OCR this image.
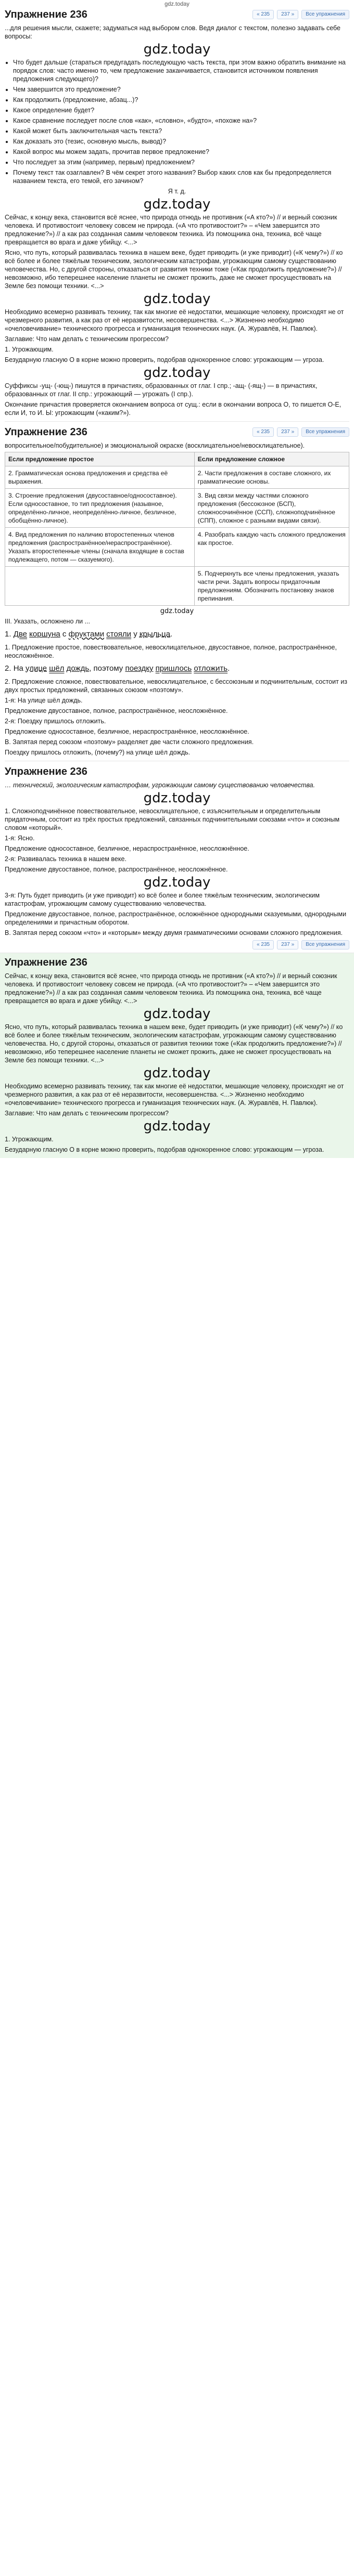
gdz.today
Упражнение 236	« 235	237 »	Все упражнения

...для решения мысли, скажете; задуматься над выбором слов. Ведя диалог с текстом, полезно задавать себе вопросы:

gdz.today
• Что будет дальше (стараться предугадать последующую часть текста, при этом важно обратить внимание на порядок слов: часто именно то, чем предложение заканчивается, становится источником появления предложения следующего)?
• Чем завершится это предложение?
• Как продолжить (предложение, абзац...)?
• Какое определение будет?
• Какое сравнение последует после слов «как», «словно», «будто», «похоже на»?
• Какой может быть заключительная часть текста?
• Как доказать это (тезис, основную мысль, вывод)?
• Какой вопрос мы можем задать, прочитав первое предложение?
• Что последует за этим (например, первым) предложением?
• Почему текст так озаглавлен? В чём секрет этого названия? Выбор каких слов как бы предопределяется названием текста, его темой, его зачином?

Я т. д.

gdz.today

Сейчас, к концу века, становится всё яснее, что природа отнюдь не противник («А кто?») // и верный союзник человека. И противостоит человеку совсем не природа. («А что противостоит?» – «Чем завершится это предложение?») // а как раз созданная самим человеком техника. Из помощника она, техника, всё чаще превращается во врага и даже убийцу. <...>

Ясно, что путь, который развивалась техника в нашем веке, будет приводить (и уже приводит) («К чему?») // ко всё более и более тяжёлым техническим, экологическим катастрофам, угрожающим самому существованию человечества. Но, с другой стороны, отказаться от развития техники тоже («Как продолжить предложение?») // невозможно, ибо теперешнее население планеты не сможет прожить, даже не сможет просуществовать на Земле без помощи техники. <...>

gdz.today

Необходимо всемерно развивать технику, так как многие её недостатки, мешающие человеку, происходят не от чрезмерного развития, а как раз от её неразвитости, несовершенства. <...> Жизненно необходимо «очеловечивание» технического прогресса и гуманизация технических наук. (А. Журавлёв, Н. Павлюк).

Заглавие: Что нам делать с техническим прогрессом?

1. Угрожающим.

Безударную гласную О в корне можно проверить, подобрав однокоренное слово: угрожающим — угроза.

gdz.today

Суффиксы -ущ- (-ющ-) пишутся в причастиях, образованных от глаг. I спр.; -ащ- (-ящ-) — в причастиях, образованных от глаг. II спр.: угрожающий — угрожать (I спр.).

Окончание причастия проверяется окончанием вопроса от сущ.: если в окончании вопроса О, то пишется О-Е, если И, то И. Ы: угрожающим («каким?»).

Упражнение 236	« 235	237 »	Все упражнения

вопросительное/побудительное) и эмоциональной окраске (восклицательное/невосклицательное).

Если предложение простое	Если предложение сложное
2. Грамматическая основа предложения и средства её выражения.	2. Части предложения в составе сложного, их грамматические основы.
3. Строение предложения (двусоставное/односоставное). Если односоставное, то тип предложения (назывное, определённо-личное, неопределённо-личное, безличное, обобщённо-личное).	3. Вид связи между частями сложного предложения (бессоюзное (БСП), сложносочинённое (ССП), сложноподчинённое (СПП), сложное с разными видами связи).
4. Вид предложения по наличию второстепенных членов предложения (распространённое/нераспространённое). Указать второстепенные члены (сначала входящие в состав подлежащего, потом — сказуемого).	4. Разобрать каждую часть сложного предложения как простое.
	5. Подчеркнуть все члены предложения, указать части речи. Задать вопросы придаточным предложениям. Обозначить постановку знаков препинания.
gdz.today

III. Указать, осложнено ли ...

1. Две коршуна с фруктами стояли у крыльца.

1. Предложение простое, повествовательное, невосклицательное, двусоставное, полное, распространённое, неосложнённое.

2. На улице шёл дождь, поэтому поездку пришлось отложить.

2. Предложение сложное, повествовательное, невосклицательное, с бессоюзным и подчинительным, состоит из двух простых предложений, связанных союзом «поэтому».

1-я: На улице шёл дождь.

Предложение двусоставное, полное, распространённое, неосложнённое.

2-я: Поездку пришлось отложить.

Предложение односоставное, безличное, нераспространённое, неосложнённое.

В. Запятая перед союзом «поэтому» разделяет две части сложного предложения.

Поездку пришлось отложить, (почему?) на улице шёл дождь.

Упражнение 236

… технический, экологическим катастрофам, угрожающим самому существованию человечества.

gdz.today

1. Сложноподчинённое повествовательное, невосклицательное, с изъяснительным и определительным придаточным, состоит из трёх простых предложений, связанных подчинительными союзами «что» и союзным словом «который».

1-я: Ясно.

Предложение односоставное, безличное, нераспространённое, неосложнённое.

2-я: Развивалась техника в нашем веке.

Предложение двусоставное, полное, распространённое, неосложнённое.

gdz.today

3-я: Путь будет приводить (и уже приводит) ко всё более и более тяжёлым техническим, экологическим катастрофам, угрожающим самому существованию человечества.

Предложение двусоставное, полное, распространённое, осложнённое однородными сказуемыми, однородными определениями и причастным оборотом.

В. Запятая перед союзом «что» и «которым» между двумя грамматическими основами сложного предложения.

« 235	237 »	Все упражнения
Упражнение 236

Сейчас, к концу века, становится всё яснее, что природа отнюдь не противник («А кто?») // и верный союзник человека. И противостоит человеку совсем не природа. («А что противостоит?» – «Чем завершится это предложение?») // а как раз созданная самим человеком техника. Из помощника она, техника, всё чаще превращается во врага и даже убийцу. <...>

gdz.today

Ясно, что путь, который развивалась техника в нашем веке, будет приводить (и уже приводит) («К чему?») // ко всё более и более тяжёлым техническим, экологическим катастрофам, угрожающим самому существованию человечества. Но, с другой стороны, отказаться от развития техники тоже («Как продолжить предложение?») // невозможно, ибо теперешнее население планеты не сможет прожить, даже не сможет просуществовать на Земле без помощи техники. <...>

gdz.today

Необходимо всемерно развивать технику, так как многие её недостатки, мешающие человеку, происходят не от чрезмерного развития, а как раз от её неразвитости, несовершенства. <...> Жизненно необходимо «очеловечивание» технического прогресса и гуманизация технических наук. (А. Журавлёв, Н. Павлюк).

Заглавие: Что нам делать с техническим прогрессом?

gdz.today

1. Угрожающим.

Безударную гласную О в корне можно проверить, подобрав однокоренное слово: угрожающим — угроза.
